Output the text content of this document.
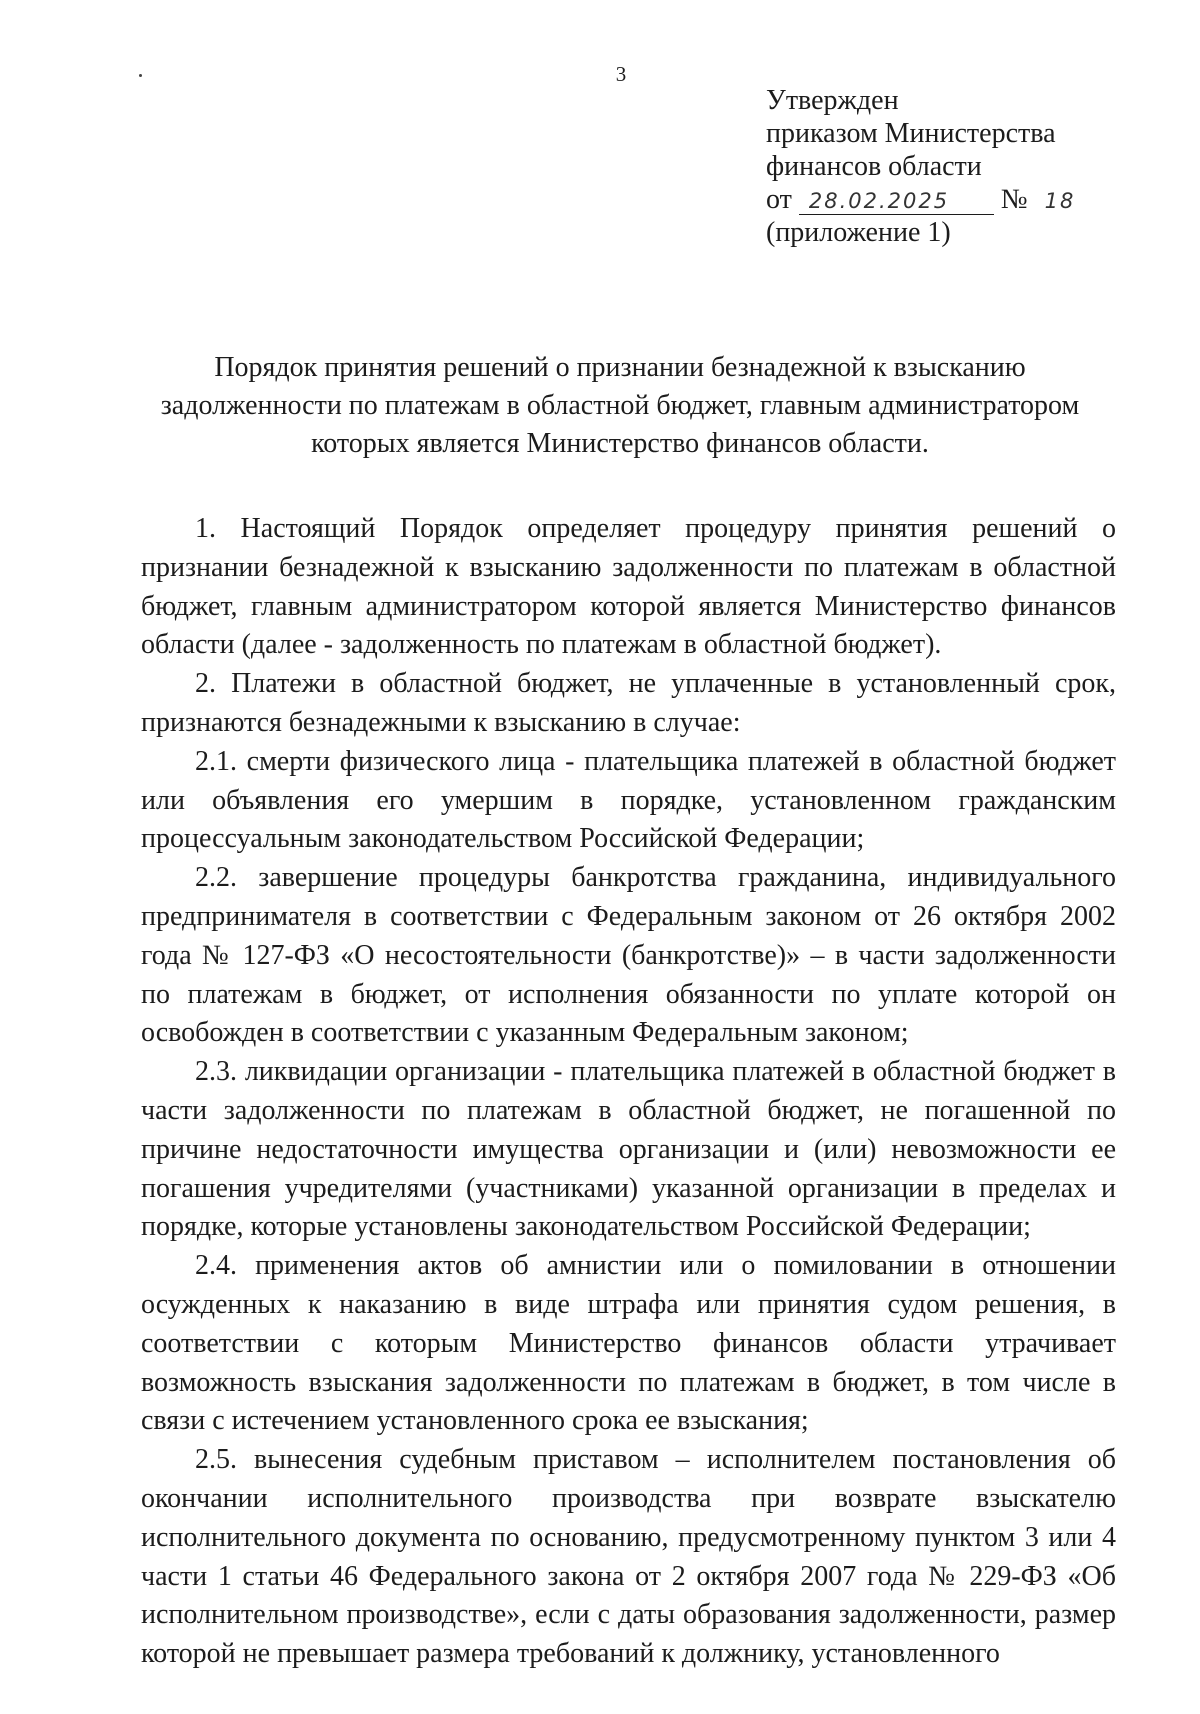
3
Утвержден
приказом Министерства
финансов области
от 28.02.2025 № 18
(приложение 1)
Порядок принятия решений о признании безнадежной к взысканию
задолженности по платежам в областной бюджет, главным администратором
которых является Министерство финансов области.

1. Настоящий Порядок определяет процедуру принятия решений о признании безнадежной к взысканию задолженности по платежам в областной бюджет, главным администратором которой является Министерство финансов области (далее - задолженность по платежам в областной бюджет).

2. Платежи в областной бюджет, не уплаченные в установленный срок, признаются безнадежными к взысканию в случае:

2.1. смерти физического лица - плательщика платежей в областной бюджет или объявления его умершим в порядке, установленном гражданским процессуальным законодательством Российской Федерации;

2.2. завершение процедуры банкротства гражданина, индивидуального предпринимателя в соответствии с Федеральным законом от 26 октября 2002 года № 127-ФЗ «О несостоятельности (банкротстве)» – в части задолженности по платежам в бюджет, от исполнения обязанности по уплате которой он освобожден в соответствии с указанным Федеральным законом;

2.3. ликвидации организации - плательщика платежей в областной бюджет в части задолженности по платежам в областной бюджет, не погашенной по причине недостаточности имущества организации и (или) невозможности ее погашения учредителями (участниками) указанной организации в пределах и порядке, которые установлены законодательством Российской Федерации;

2.4. применения актов об амнистии или о помиловании в отношении осужденных к наказанию в виде штрафа или принятия судом решения, в соответствии с которым Министерство финансов области утрачивает возможность взыскания задолженности по платежам в бюджет, в том числе в связи с истечением установленного срока ее взыскания;

2.5. вынесения судебным приставом – исполнителем постановления об окончании исполнительного производства при возврате взыскателю исполнительного документа по основанию, предусмотренному пунктом 3 или 4 части 1 статьи 46 Федерального закона от 2 октября 2007 года № 229-ФЗ «Об исполнительном производстве», если с даты образования задолженности, размер которой не превышает размера требований к должнику, установленного
